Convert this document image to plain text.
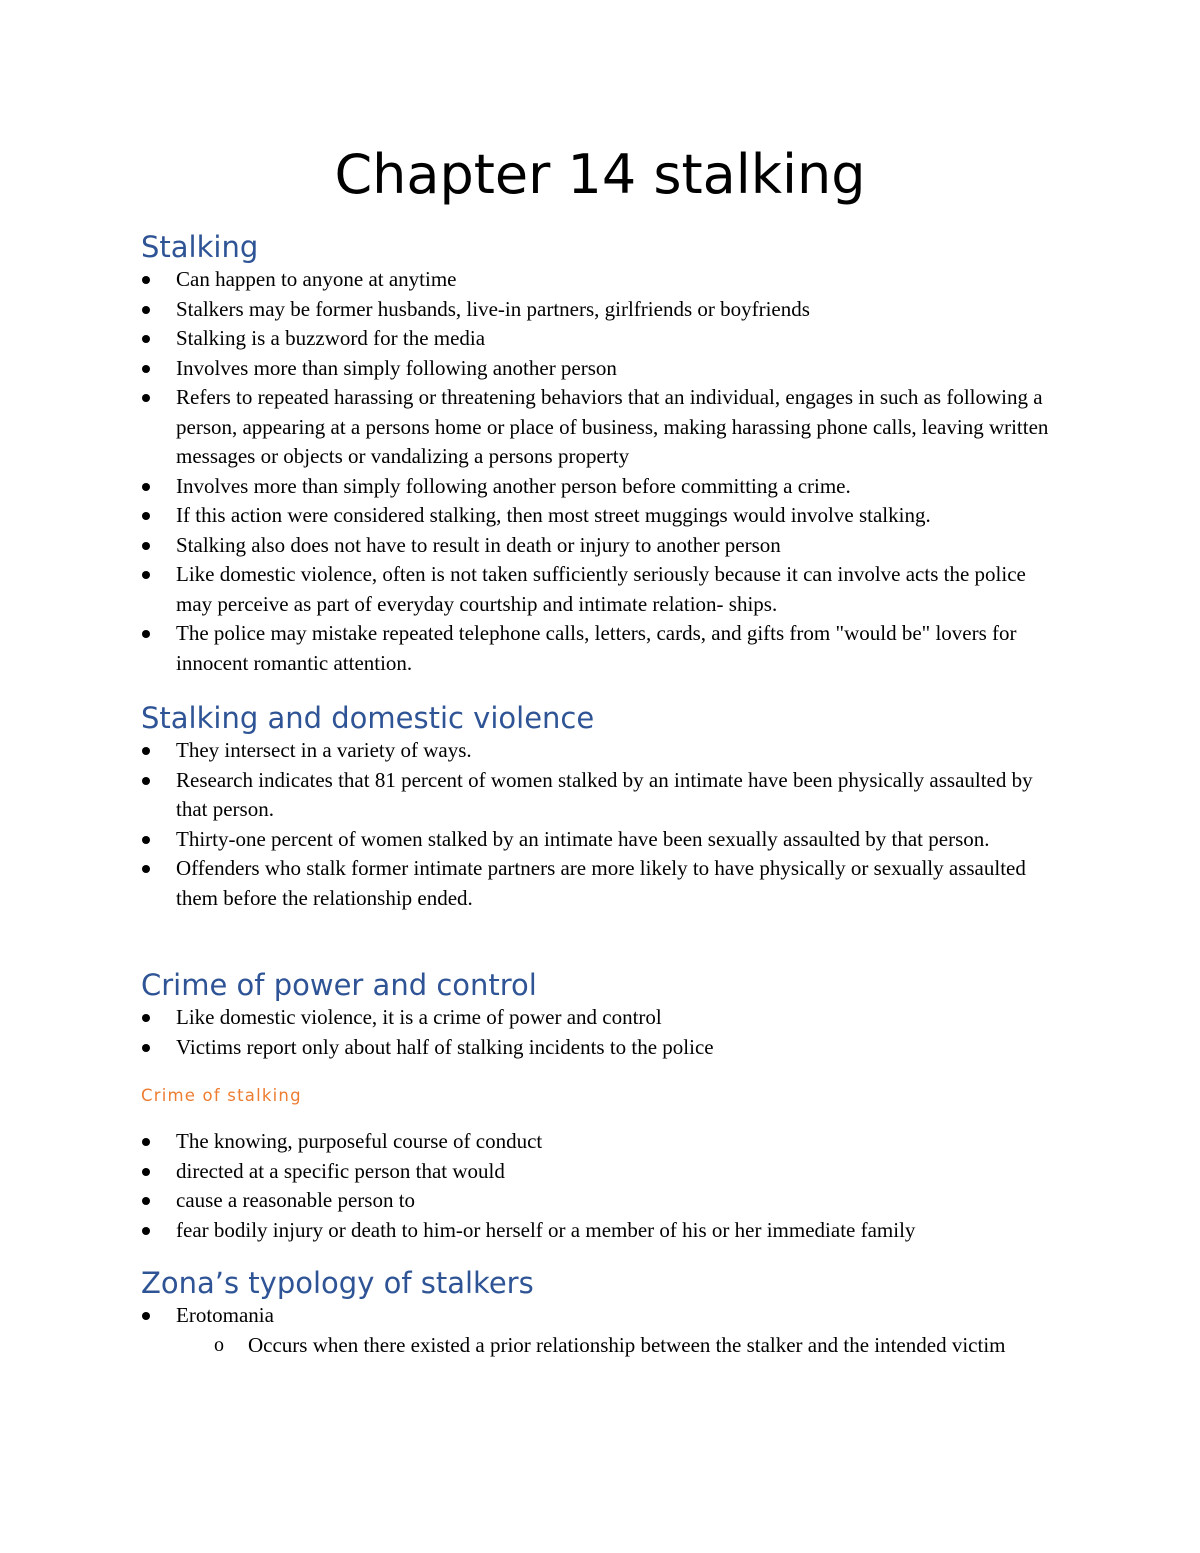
Chapter 14 stalking
Stalking
Can happen to anyone at anytime
Stalkers may be former husbands, live-in partners, girlfriends or boyfriends
Stalking is a buzzword for the media
Involves more than simply following another person
Refers to repeated harassing or threatening behaviors that an individual, engages in such as following a person, appearing at a persons home or place of business, making harassing phone calls, leaving written messages or objects or vandalizing a persons property
Involves more than simply following another person before committing a crime.
If this action were considered stalking, then most street muggings would involve stalking.
Stalking also does not have to result in death or injury to another person
Like domestic violence, often is not taken sufficiently seriously because it can involve acts the police may perceive as part of everyday courtship and intimate relation- ships.
The police may mistake repeated telephone calls, letters, cards, and gifts from "would be" lovers for innocent romantic attention.
Stalking and domestic violence
They intersect in a variety of ways.
Research indicates that 81 percent of women stalked by an intimate have been physically assaulted by that person.
Thirty-one percent of women stalked by an intimate have been sexually assaulted by that person.
Offenders who stalk former intimate partners are more likely to have physically or sexually assaulted them before the relationship ended.
Crime of power and control
Like domestic violence, it is a crime of power and control
Victims report only about half of stalking incidents to the police
Crime of stalking
The knowing, purposeful course of conduct
directed at a specific person that would
cause a reasonable person to
fear bodily injury or death to him-or herself or a member of his or her immediate family
Zona’s typology of stalkers
Erotomania
o Occurs when there existed a prior relationship between the stalker and the intended victim
